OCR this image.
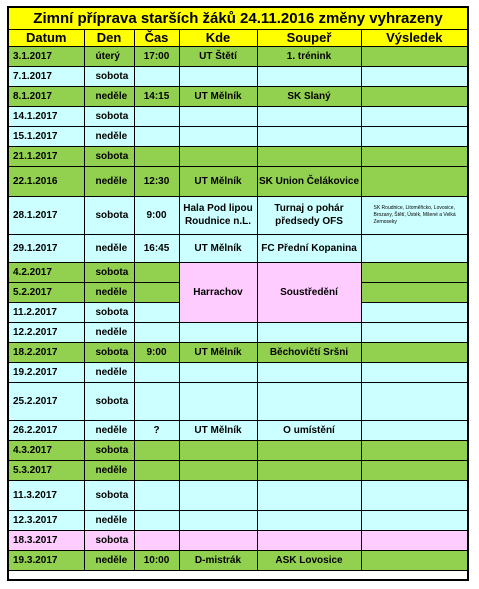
Zimní příprava starších žáků 24.11.2016 změny vyhrazeny
Datum	Den	Čas	Kde	Soupeř	Výsledek
3.1.2017	úterý	17:00	UT Štětí	1. trénink	
7.1.2017	sobota				
8.1.2017	neděle	14:15	UT Mělník	SK Slaný	
14.1.2017	sobota				
15.1.2017	neděle				
21.1.2017	sobota				
22.1.2016	neděle	12:30	UT Mělník	SK Union Čelákovice	
28.1.2017	sobota	9:00	Hala Pod lipou Roudnice n.L.	Turnaj o pohár předsedy OFS	SK Roudnice, Litoměřicko, Lovosice, Brozany, Štětí, Ústék, Mšené a Velká Zernoseky
29.1.2017	neděle	16:45	UT Mělník	FC Přední Kopanina	
4.2.2017	sobota		Harrachov	Soustředění	
5.2.2017	neděle				
11.2.2017	sobota				
12.2.2017	neděle				
18.2.2017	sobota	9:00	UT Mělník	Běchovičtí Sršni	
19.2.2017	neděle				
25.2.2017	sobota				
26.2.2017	neděle	?	UT Mělník	O umístění	
4.3.2017	sobota				
5.3.2017	neděle				
11.3.2017	sobota				
12.3.2017	neděle				
18.3.2017	sobota				
19.3.2017	neděle	10:00	D-mistrák	ASK Lovosice	
